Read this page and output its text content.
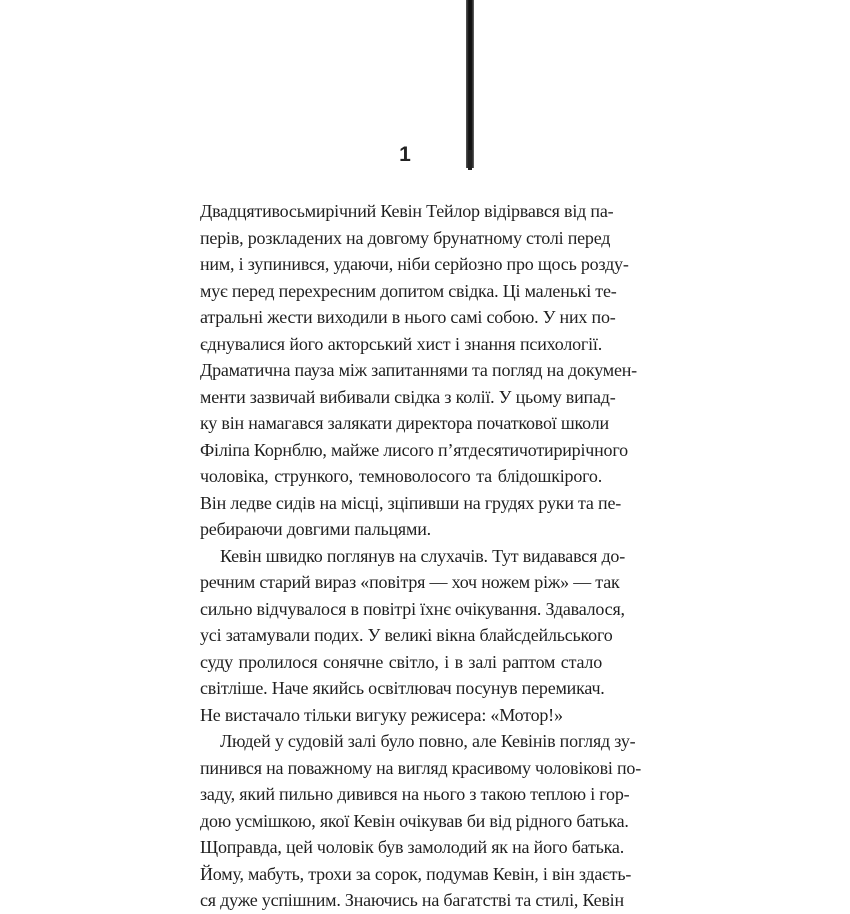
1
Двадцятивосьмирічний Кевін Тейлор відірвався від па-
перів, розкладених на довгому брунатному столі перед
ним, і зупинився, удаючи, ніби серйозно про щось розду-
мує перед перехресним допитом свідка. Ці маленькі те-
атральні жести виходили в нього самі собою. У них по-
єднувалися його акторський хист і знання психології.
Драматична пауза між запитаннями та погляд на докумен-
менти зазвичай вибивали свідка з колії. У цьому випад-
ку він намагався залякати директора початкової школи
Філіпа Корнблю, майже лисого п’ятдесятичотирирічного
чоловіка, стрункого, темноволосого та блідошкірого.
Він ледве сидів на місці, зціпивши на грудях руки та пе-
ребираючи довгими пальцями.
Кевін швидко поглянув на слухачів. Тут видавався до-
речним старий вираз «повітря — хоч ножем ріж» — так
сильно відчувалося в повітрі їхнє очікування. Здавалося,
усі затамували подих. У великі вікна блайсдейльського
суду пролилося сонячне світло, і в залі раптом стало
світліше. Наче якийсь освітлювач посунув перемикач.
Не вистачало тільки вигуку режисера: «Мотор!»
Людей у судовій залі було повно, але Кевінів погляд зу-
пинився на поважному на вигляд красивому чоловікові по-
заду, який пильно дивився на нього з такою теплою і гор-
дою усмішкою, якої Кевін очікував би від рідного батька.
Щоправда, цей чоловік був замолодий як на його батька.
Йому, мабуть, трохи за сорок, подумав Кевін, і він здаєть-
ся дуже успішним. Знаючись на багатстві та стилі, Кевін
